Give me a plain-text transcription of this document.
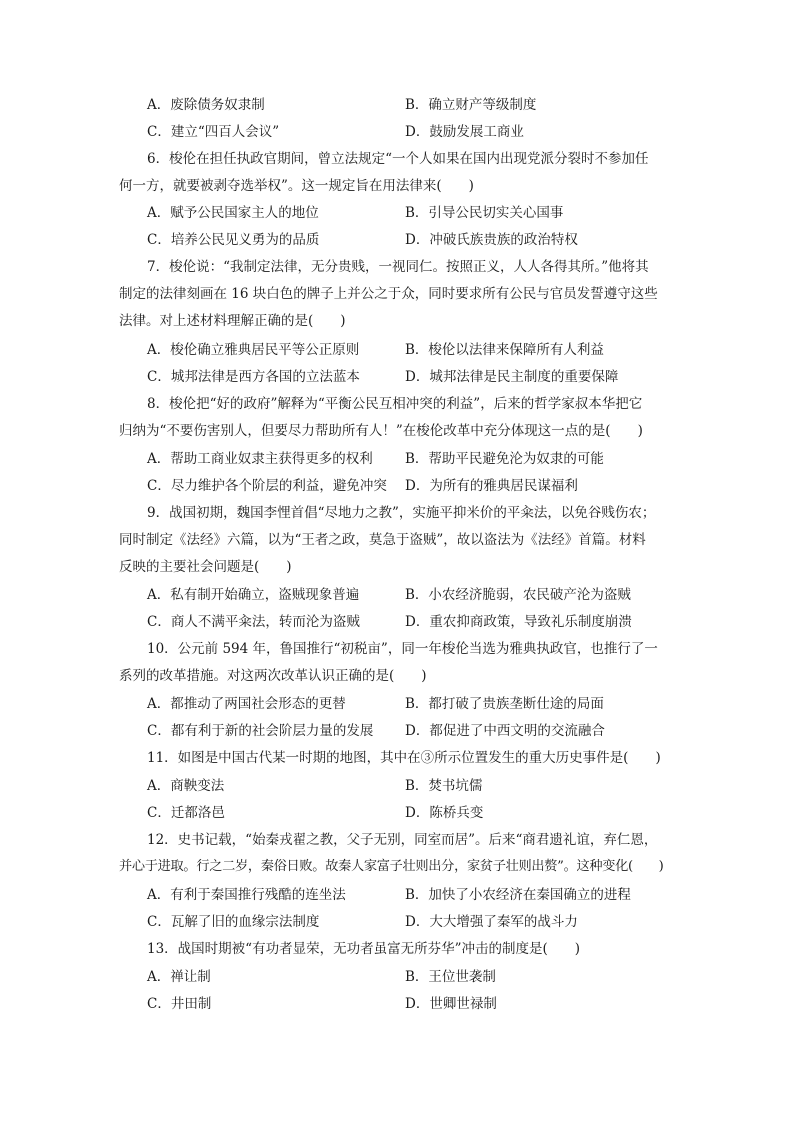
A．废除债务奴隶制	B．确立财产等级制度
C．建立“四百人会议”	D．鼓励发展工商业
6．梭伦在担任执政官期间，曾立法规定“一个人如果在国内出现党派分裂时不参加任
何一方，就要被剥夺选举权”。这一规定旨在用法律来(　　)
A．赋予公民国家主人的地位	B．引导公民切实关心国事
C．培养公民见义勇为的品质	D．冲破氏族贵族的政治特权
7．梭伦说：“我制定法律，无分贵贱，一视同仁。按照正义，人人各得其所。”他将其
制定的法律刻画在 16 块白色的牌子上并公之于众，同时要求所有公民与官员发誓遵守这些
法律。对上述材料理解正确的是(　　)
A．梭伦确立雅典居民平等公正原则	B．梭伦以法律来保障所有人利益
C．城邦法律是西方各国的立法蓝本	D．城邦法律是民主制度的重要保障
8．梭伦把“好的政府”解释为“平衡公民互相冲突的利益”，后来的哲学家叔本华把它
归纳为“不要伤害别人，但要尽力帮助所有人！”在梭伦改革中充分体现这一点的是(　　)
A．帮助工商业奴隶主获得更多的权利 B．帮助平民避免沦为奴隶的可能
C．尽力维护各个阶层的利益，避免冲突 D．为所有的雅典居民谋福利
9．战国初期，魏国李悝首倡“尽地力之教”，实施平抑米价的平籴法，以免谷贱伤农；
同时制定《法经》六篇，以为“王者之政，莫急于盗贼”，故以盗法为《法经》首篇。材料
反映的主要社会问题是(　　)
A．私有制开始确立，盗贼现象普遍	B．小农经济脆弱，农民破产沦为盗贼
C．商人不满平籴法，转而沦为盗贼	D．重农抑商政策，导致礼乐制度崩溃
10．公元前 594 年，鲁国推行“初税亩”，同一年梭伦当选为雅典执政官，也推行了一
系列的改革措施。对这两次改革认识正确的是(　　)
A．都推动了两国社会形态的更替	B．都打破了贵族垄断仕途的局面
C．都有利于新的社会阶层力量的发展 D．都促进了中西文明的交流融合
11．如图是中国古代某一时期的地图，其中在③所示位置发生的重大历史事件是(　　)
A．商鞅变法	B．焚书坑儒
C．迁都洛邑	D．陈桥兵变
12．史书记载，“始秦戎翟之教，父子无别，同室而居”。后来“商君遗礼谊，弃仁恩，
并心于进取。行之二岁，秦俗日败。故秦人家富子壮则出分，家贫子壮则出赘”。这种变化(　　)
A．有利于秦国推行残酷的连坐法	B．加快了小农经济在秦国确立的进程
C．瓦解了旧的血缘宗法制度	D．大大增强了秦军的战斗力
13．战国时期被“有功者显荣，无功者虽富无所芬华”冲击的制度是(　　)
A．禅让制	B．王位世袭制
C．井田制	D．世卿世禄制
